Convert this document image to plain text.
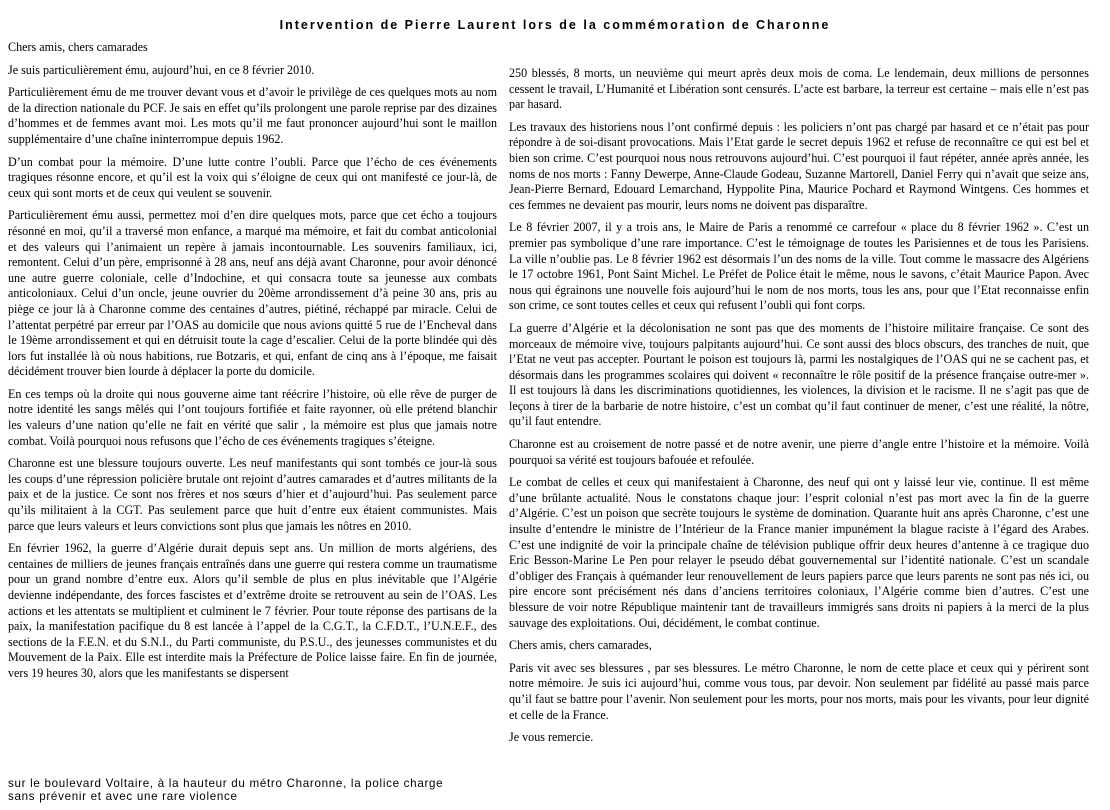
Intervention de Pierre Laurent lors de la commémoration de Charonne

Chers amis, chers camarades

Je suis particulièrement ému, aujourd’hui, en ce 8 février 2010.

Particulièrement ému de me trouver devant vous et d’avoir le privilège de ces quelques mots au nom de la direction nationale du PCF. Je sais en effet qu’ils prolongent une parole reprise par des dizaines d’hommes et de femmes avant moi. Les mots qu’il me faut prononcer aujourd’hui sont le maillon supplémentaire d’une chaîne ininterrompue depuis 1962.

D’un combat pour la mémoire. D’une lutte contre l’oubli. Parce que l’écho de ces événements tragiques résonne encore, et qu’il est la voix qui s’éloigne de ceux qui ont manifesté ce jour-là, de ceux qui sont morts et de ceux qui veulent se souvenir.

Particulièrement ému aussi, permettez moi d’en dire quelques mots, parce que cet écho a toujours résonné en moi, qu’il a traversé mon enfance, a marqué ma mémoire, et fait du combat anticolonial et des valeurs qui l’animaient un repère à jamais incontournable. Les souvenirs familiaux, ici, remontent. Celui d’un père, emprisonné à 28 ans, neuf ans déjà avant Charonne, pour avoir dénoncé une autre guerre coloniale, celle d’Indochine, et qui consacra toute sa jeunesse aux combats anticoloniaux. Celui d’un oncle, jeune ouvrier du 20ème arrondissement d’à peine 30 ans, pris au piège ce jour là à Charonne comme des centaines d’autres, piétiné, réchappé par miracle. Celui de l’attentat perpétré par erreur par l’OAS au domicile que nous avions quitté 5 rue de l’Encheval dans le 19ème arrondissement et qui en détruisit toute la cage d’escalier. Celui de la porte blindée qui dès lors fut installée là où nous habitions, rue Botzaris, et qui, enfant de cinq ans à l’époque, me faisait décidément trouver bien lourde à déplacer la porte du domicile.

En ces temps où la droite qui nous gouverne aime tant réécrire l’histoire, où elle rêve de purger de notre identité les sangs mêlés qui l’ont toujours fortifiée et faite rayonner, où elle prétend blanchir les valeurs d’une nation qu’elle ne fait en vérité que salir , la mémoire est plus que jamais notre combat. Voilà pourquoi nous refusons que l’écho de ces événements tragiques s’éteigne.

Charonne est une blessure toujours ouverte. Les neuf manifestants qui sont tombés ce jour-là sous les coups d’une répression policière brutale ont rejoint d’autres camarades et d’autres militants de la paix et de la justice. Ce sont nos frères et nos sœurs d’hier et d’aujourd’hui. Pas seulement parce qu’ils militaient à la CGT. Pas seulement parce que huit d’entre eux étaient communistes. Mais parce que leurs valeurs et leurs convictions sont plus que jamais les nôtres en 2010.

En février 1962, la guerre d’Algérie durait depuis sept ans. Un million de morts algériens, des centaines de milliers de jeunes français entraînés dans une guerre qui restera comme un traumatisme pour un grand nombre d’entre eux. Alors qu’il semble de plus en plus inévitable que l’Algérie devienne indépendante, des forces fascistes et d’extrême droite se retrouvent au sein de l’OAS. Les actions et les attentats se multiplient et culminent le 7 février. Pour toute réponse des partisans de la paix, la manifestation pacifique du 8 est lancée à l’appel de la C.G.T., la C.F.D.T., l’U.N.E.F., des sections de la F.E.N. et du S.N.I., du Parti communiste, du P.S.U., des jeunesses communistes et du Mouvement de la Paix. Elle est interdite mais la Préfecture de Police laisse faire. En fin de journée, vers 19 heures 30, alors que les manifestants se dispersent

sur le boulevard Voltaire, à la hauteur du métro Charonne, la police charge
sans prévenir et avec une rare violence

250 blessés, 8 morts, un neuvième qui meurt après deux mois de coma. Le lendemain, deux millions de personnes cessent le travail, L’Humanité et Libération sont censurés. L’acte est barbare, la terreur est certaine – mais elle n’est pas par hasard.

Les travaux des historiens nous l’ont confirmé depuis : les policiers n’ont pas chargé par hasard et ce n’était pas pour répondre à de soi-disant provocations. Mais l’Etat garde le secret depuis 1962 et refuse de reconnaître ce qui est bel et bien son crime. C’est pourquoi nous nous retrouvons aujourd’hui. C’est pourquoi il faut répéter, année après année, les noms de nos morts : Fanny Dewerpe, Anne-Claude Godeau, Suzanne Martorell, Daniel Ferry qui n’avait que seize ans, Jean-Pierre Bernard, Edouard Lemarchand, Hyppolite Pina, Maurice Pochard et Raymond Wintgens. Ces hommes et ces femmes ne devaient pas mourir, leurs noms ne doivent pas disparaître.

Le 8 février 2007, il y a trois ans, le Maire de Paris a renommé ce carrefour « place du 8 février 1962 ». C’est un premier pas symbolique d’une rare importance. C’est le témoignage de toutes les Parisiennes et de tous les Parisiens. La ville n’oublie pas. Le 8 février 1962 est désormais l’un des noms de la ville. Tout comme le massacre des Algériens le 17 octobre 1961, Pont Saint Michel. Le Préfet de Police était le même, nous le savons, c’était Maurice Papon. Avec nous qui égrainons une nouvelle fois aujourd’hui le nom de nos morts, tous les ans, pour que l’Etat reconnaisse enfin son crime, ce sont toutes celles et ceux qui refusent l’oubli qui font corps.

La guerre d’Algérie et la décolonisation ne sont pas que des moments de l’histoire militaire française. Ce sont des morceaux de mémoire vive, toujours palpitants aujourd’hui. Ce sont aussi des blocs obscurs, des tranches de nuit, que l’Etat ne veut pas accepter. Pourtant le poison est toujours là, parmi les nostalgiques de l’OAS qui ne se cachent pas, et désormais dans les programmes scolaires qui doivent « reconnaître le rôle positif de la présence française outre-mer ». Il est toujours là dans les discriminations quotidiennes, les violences, la division et le racisme. Il ne s’agit pas que de leçons à tirer de la barbarie de notre histoire, c’est un combat qu’il faut continuer de mener, c’est une réalité, la nôtre, qu’il faut entendre.

Charonne est au croisement de notre passé et de notre avenir, une pierre d’angle entre l’histoire et la mémoire. Voilà pourquoi sa vérité est toujours bafouée et refoulée.

Le combat de celles et ceux qui manifestaient à Charonne, des neuf qui ont y laissé leur vie, continue. Il est même d’une brûlante actualité. Nous le constatons chaque jour: l’esprit colonial n’est pas mort avec la fin de la guerre d’Algérie. C’est un poison que secrète toujours le système de domination. Quarante huit ans après Charonne, c’est une insulte d’entendre le ministre de l’Intérieur de la France manier impunément la blague raciste à l’égard des Arabes. C’est une indignité de voir la principale chaîne de télévision publique offrir deux heures d’antenne à ce tragique duo Eric Besson-Marine Le Pen pour relayer le pseudo débat gouvernemental sur l’identité nationale. C’est un scandale d’obliger des Français à quémander leur renouvellement de leurs papiers parce que leurs parents ne sont pas nés ici, ou pire encore sont précisément nés dans d’anciens territoires coloniaux, l’Algérie comme bien d’autres. C’est une blessure de voir notre République maintenir tant de travailleurs immigrés sans droits ni papiers à la merci de la plus sauvage des exploitations. Oui, décidément, le combat continue.

Chers amis, chers camarades,

Paris vit avec ses blessures , par ses blessures. Le métro Charonne, le nom de cette place et ceux qui y périrent sont notre mémoire. Je suis ici aujourd’hui, comme vous tous, par devoir. Non seulement par fidélité au passé mais parce qu’il faut se battre pour l’avenir. Non seulement pour les morts, pour nos morts, mais pour les vivants, pour leur dignité et celle de la France.

Je vous remercie.
